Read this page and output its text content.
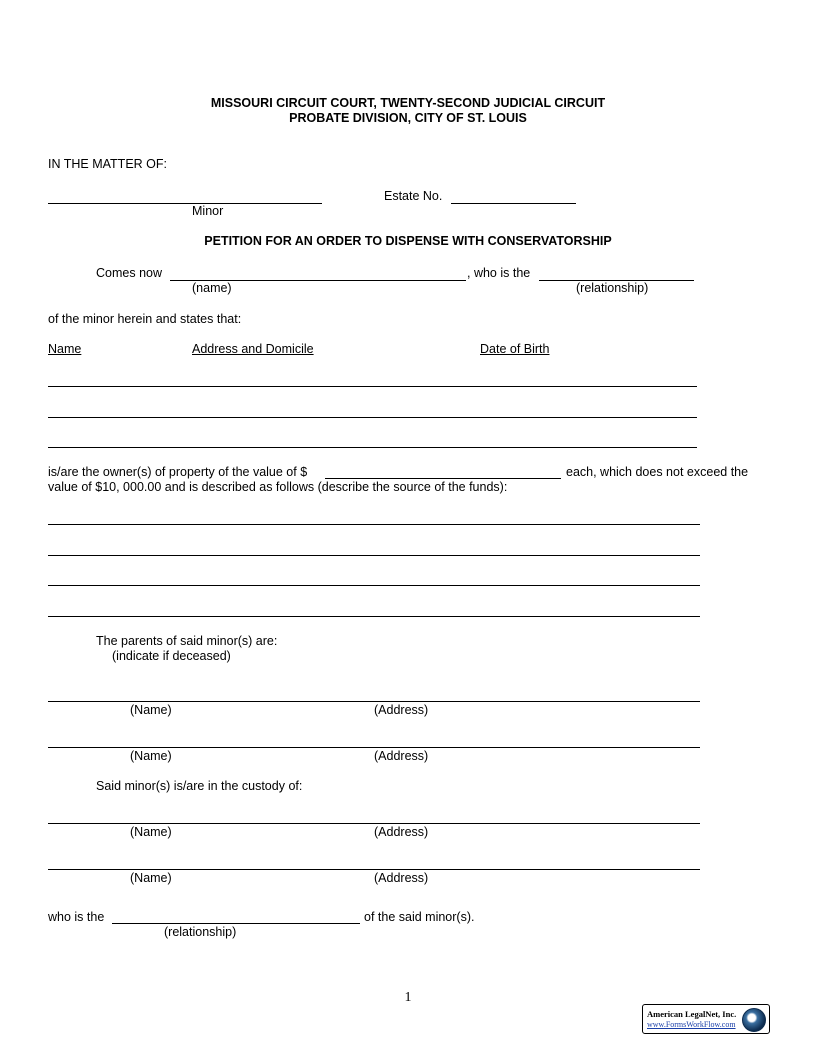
MISSOURI CIRCUIT COURT, TWENTY-SECOND JUDICIAL CIRCUIT
PROBATE DIVISION, CITY OF ST. LOUIS
IN THE MATTER OF:
Minor
Estate No.
PETITION FOR AN ORDER TO DISPENSE WITH CONSERVATORSHIP
Comes now	, who is the
(name)	(relationship)
of the minor herein and states that:
Name	Address and Domicile	Date of Birth
is/are the owner(s) of property of the value of $	each, which does not exceed the
value of $10, 000.00 and is described as follows (describe the source of the funds):
The parents of said minor(s) are:
(indicate if deceased)
(Name)	(Address)
(Name)	(Address)
Said minor(s) is/are in the custody of:
(Name)	(Address)
(Name)	(Address)
who is the	of the said minor(s).
(relationship)
1
American LegalNet, Inc.
www.FormsWorkFlow.com
